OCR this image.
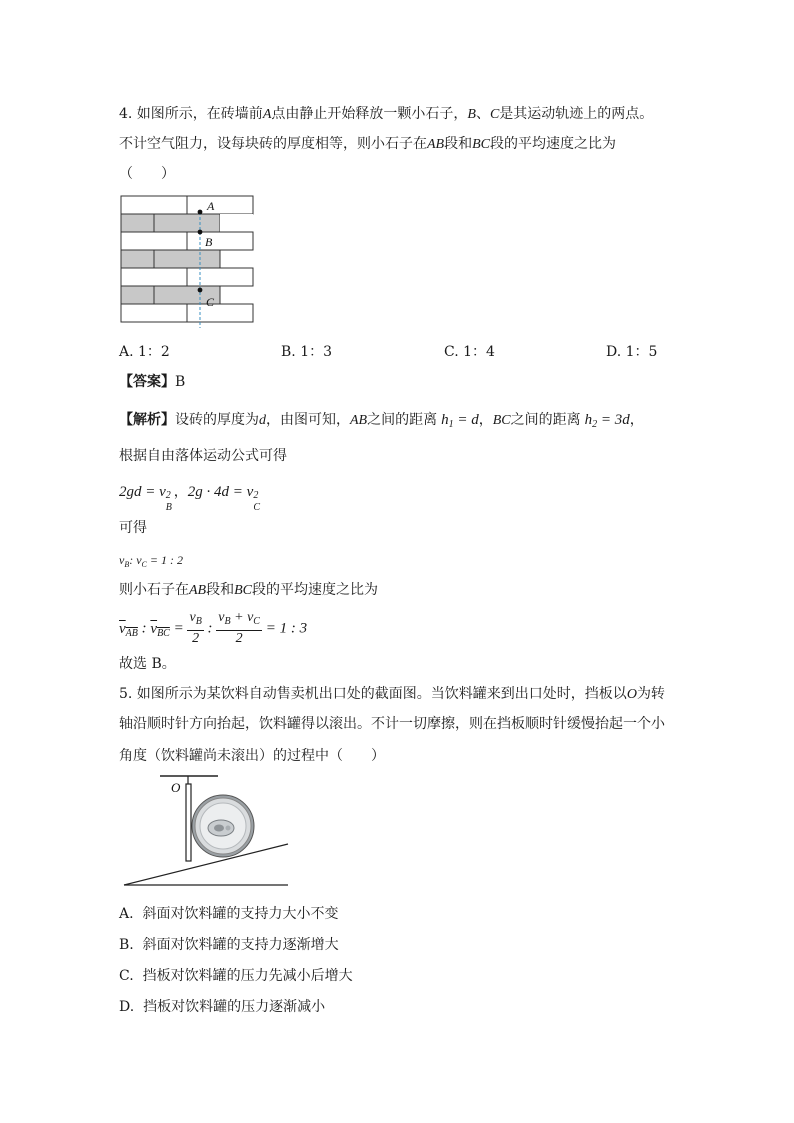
4. 如图所示，在砖墙前A点由静止开始释放一颗小石子，B、C是其运动轨迹上的两点。
不计空气阻力，设每块砖的厚度相等，则小石子在AB段和BC段的平均速度之比为
（　　）
A
B
C
A. 1：2	B. 1：3	C. 1：4	D. 1：5
【答案】B
【解析】设砖的厚度为d，由图可知，AB之间的距离 $h_1 = d$，BC之间的距离 $h_2 = 3d$，
根据自由落体运动公式可得
2gd = v 2
B
，2g · 4d = v 2
C
可得
$v_B$: $v_C = 1$ : 2
则小石子在AB段和BC段的平均速度之比为
$v_{AB}$ : $v_{BC} = \frac{v_B}{2}$ : $\frac{v_B + v_C}{2} = 1$ : 3
故选 B。
5. 如图所示为某饮料自动售卖机出口处的截面图。当饮料罐来到出口处时，挡板以O为转
轴沿顺时针方向抬起，饮料罐得以滚出。不计一切摩擦，则在挡板顺时针缓慢抬起一个小
角度（饮料罐尚未滚出）的过程中（　　）
O
A. 斜面对饮料罐的支持力大小不变
B. 斜面对饮料罐的支持力逐渐增大
C. 挡板对饮料罐的压力先减小后增大
D. 挡板对饮料罐的压力逐渐减小
